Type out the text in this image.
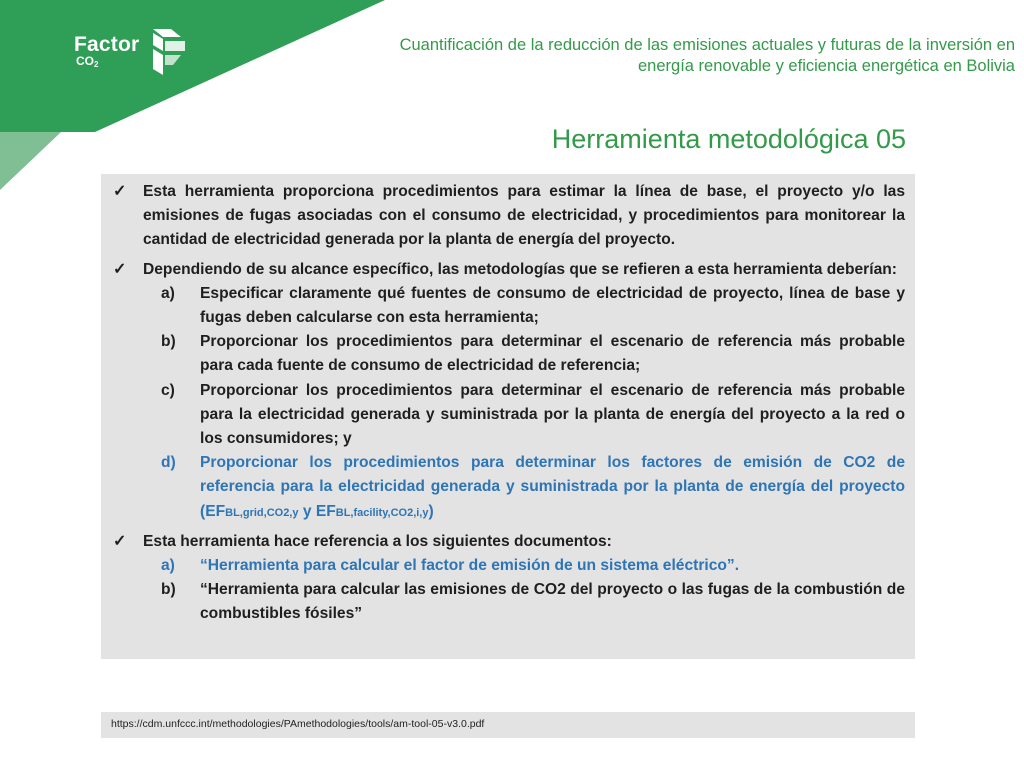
Factor
$CO_2$
Cuantificación de la reducción de las emisiones actuales y futuras de la inversión en
energía renovable y eficiencia energética en Bolivia
Herramienta metodológica 05
✓	Esta herramienta proporciona procedimientos para estimar la línea de base, el proyecto y/o las emisiones de fugas asociadas con el consumo de electricidad, y procedimientos para monitorear la cantidad de electricidad generada por la planta de energía del proyecto.
✓	Dependiendo de su alcance específico, las metodologías que se refieren a esta herramienta deberían:
a)	Especificar claramente qué fuentes de consumo de electricidad de proyecto, línea de base y fugas deben calcularse con esta herramienta;
b)	Proporcionar los procedimientos para determinar el escenario de referencia más probable para cada fuente de consumo de electricidad de referencia;
c)	Proporcionar los procedimientos para determinar el escenario de referencia más probable para la electricidad generada y suministrada por la planta de energía del proyecto a la red o los consumidores; y
d)	Proporcionar los procedimientos para determinar los factores de emisión de CO2 de referencia para la electricidad generada y suministrada por la planta de energía del proyecto (EFBL,grid,CO2,y y EFBL,facility,CO2,i,y)
✓	Esta herramienta hace referencia a los siguientes documentos:
a)	“Herramienta para calcular el factor de emisión de un sistema eléctrico”.
b)	“Herramienta para calcular las emisiones de CO2 del proyecto o las fugas de la combustión de combustibles fósiles”
https://cdm.unfccc.int/methodologies/PAmethodologies/tools/am-tool-05-v3.0.pdf
